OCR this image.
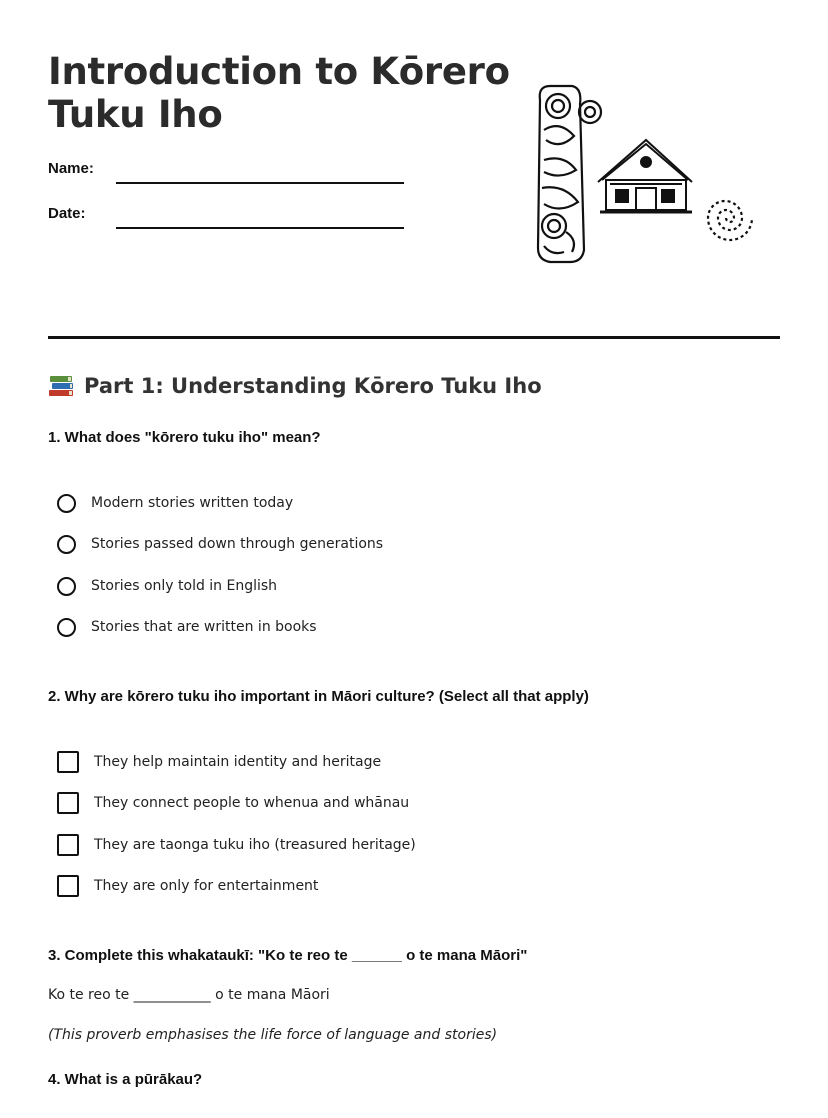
Introduction to Kōrero
Tuku Iho
Name:
Date:
Part 1: Understanding Kōrero Tuku Iho

1. What does "kōrero tuku iho" mean?

Modern stories written today
Stories passed down through generations
Stories only told in English
Stories that are written in books

2. Why are kōrero tuku iho important in Māori culture? (Select all that apply)

They help maintain identity and heritage
They connect people to whenua and whānau
They are taonga tuku iho (treasured heritage)
They are only for entertainment

3. Complete this whakataukī: "Ko te reo te ______ o te mana Māori"

Ko te reo te ___________ o te mana Māori

(This proverb emphasises the life force of language and stories)

4. What is a pūrākau?
